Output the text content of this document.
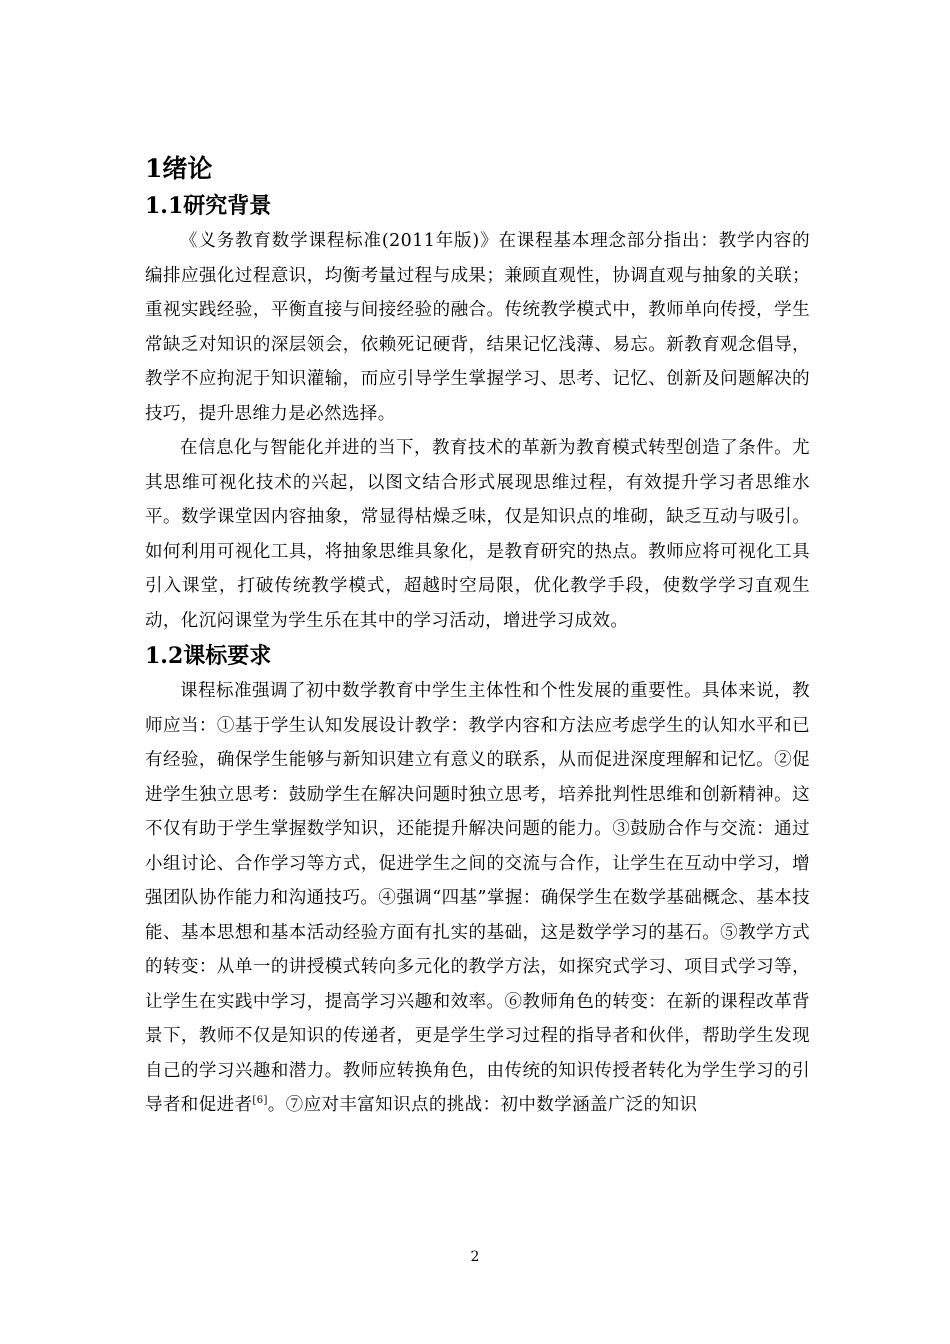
1绪论
1.1研究背景

《义务教育数学课程标准(2011年版)》在课程基本理念部分指出：教学内容的编排应强化过程意识，均衡考量过程与成果；兼顾直观性，协调直观与抽象的关联；重视实践经验，平衡直接与间接经验的融合。传统教学模式中，教师单向传授，学生常缺乏对知识的深层领会，依赖死记硬背，结果记忆浅薄、易忘。新教育观念倡导，教学不应拘泥于知识灌输，而应引导学生掌握学习、思考、记忆、创新及问题解决的技巧，提升思维力是必然选择。

在信息化与智能化并进的当下，教育技术的革新为教育模式转型创造了条件。尤其思维可视化技术的兴起，以图文结合形式展现思维过程，有效提升学习者思维水平。数学课堂因内容抽象，常显得枯燥乏味，仅是知识点的堆砌，缺乏互动与吸引。如何利用可视化工具，将抽象思维具象化，是教育研究的热点。教师应将可视化工具引入课堂，打破传统教学模式，超越时空局限，优化教学手段，使数学学习直观生动，化沉闷课堂为学生乐在其中的学习活动，增进学习成效。

1.2课标要求

课程标准强调了初中数学教育中学生主体性和个性发展的重要性。具体来说，教师应当：①基于学生认知发展设计教学：教学内容和方法应考虑学生的认知水平和已有经验，确保学生能够与新知识建立有意义的联系，从而促进深度理解和记忆。②促进学生独立思考：鼓励学生在解决问题时独立思考，培养批判性思维和创新精神。这不仅有助于学生掌握数学知识，还能提升解决问题的能力。③鼓励合作与交流：通过小组讨论、合作学习等方式，促进学生之间的交流与合作，让学生在互动中学习，增强团队协作能力和沟通技巧。④强调“四基”掌握：确保学生在数学基础概念、基本技能、基本思想和基本活动经验方面有扎实的基础，这是数学学习的基石。⑤教学方式的转变：从单一的讲授模式转向多元化的教学方法，如探究式学习、项目式学习等，让学生在实践中学习，提高学习兴趣和效率。⑥教师角色的转变：在新的课程改革背景下，教师不仅是知识的传递者，更是学生学习过程的指导者和伙伴，帮助学生发现自己的学习兴趣和潜力。教师应转换角色，由传统的知识传授者转化为学生学习的引导者和促进者[6]。⑦应对丰富知识点的挑战：初中数学涵盖广泛的知识

2
